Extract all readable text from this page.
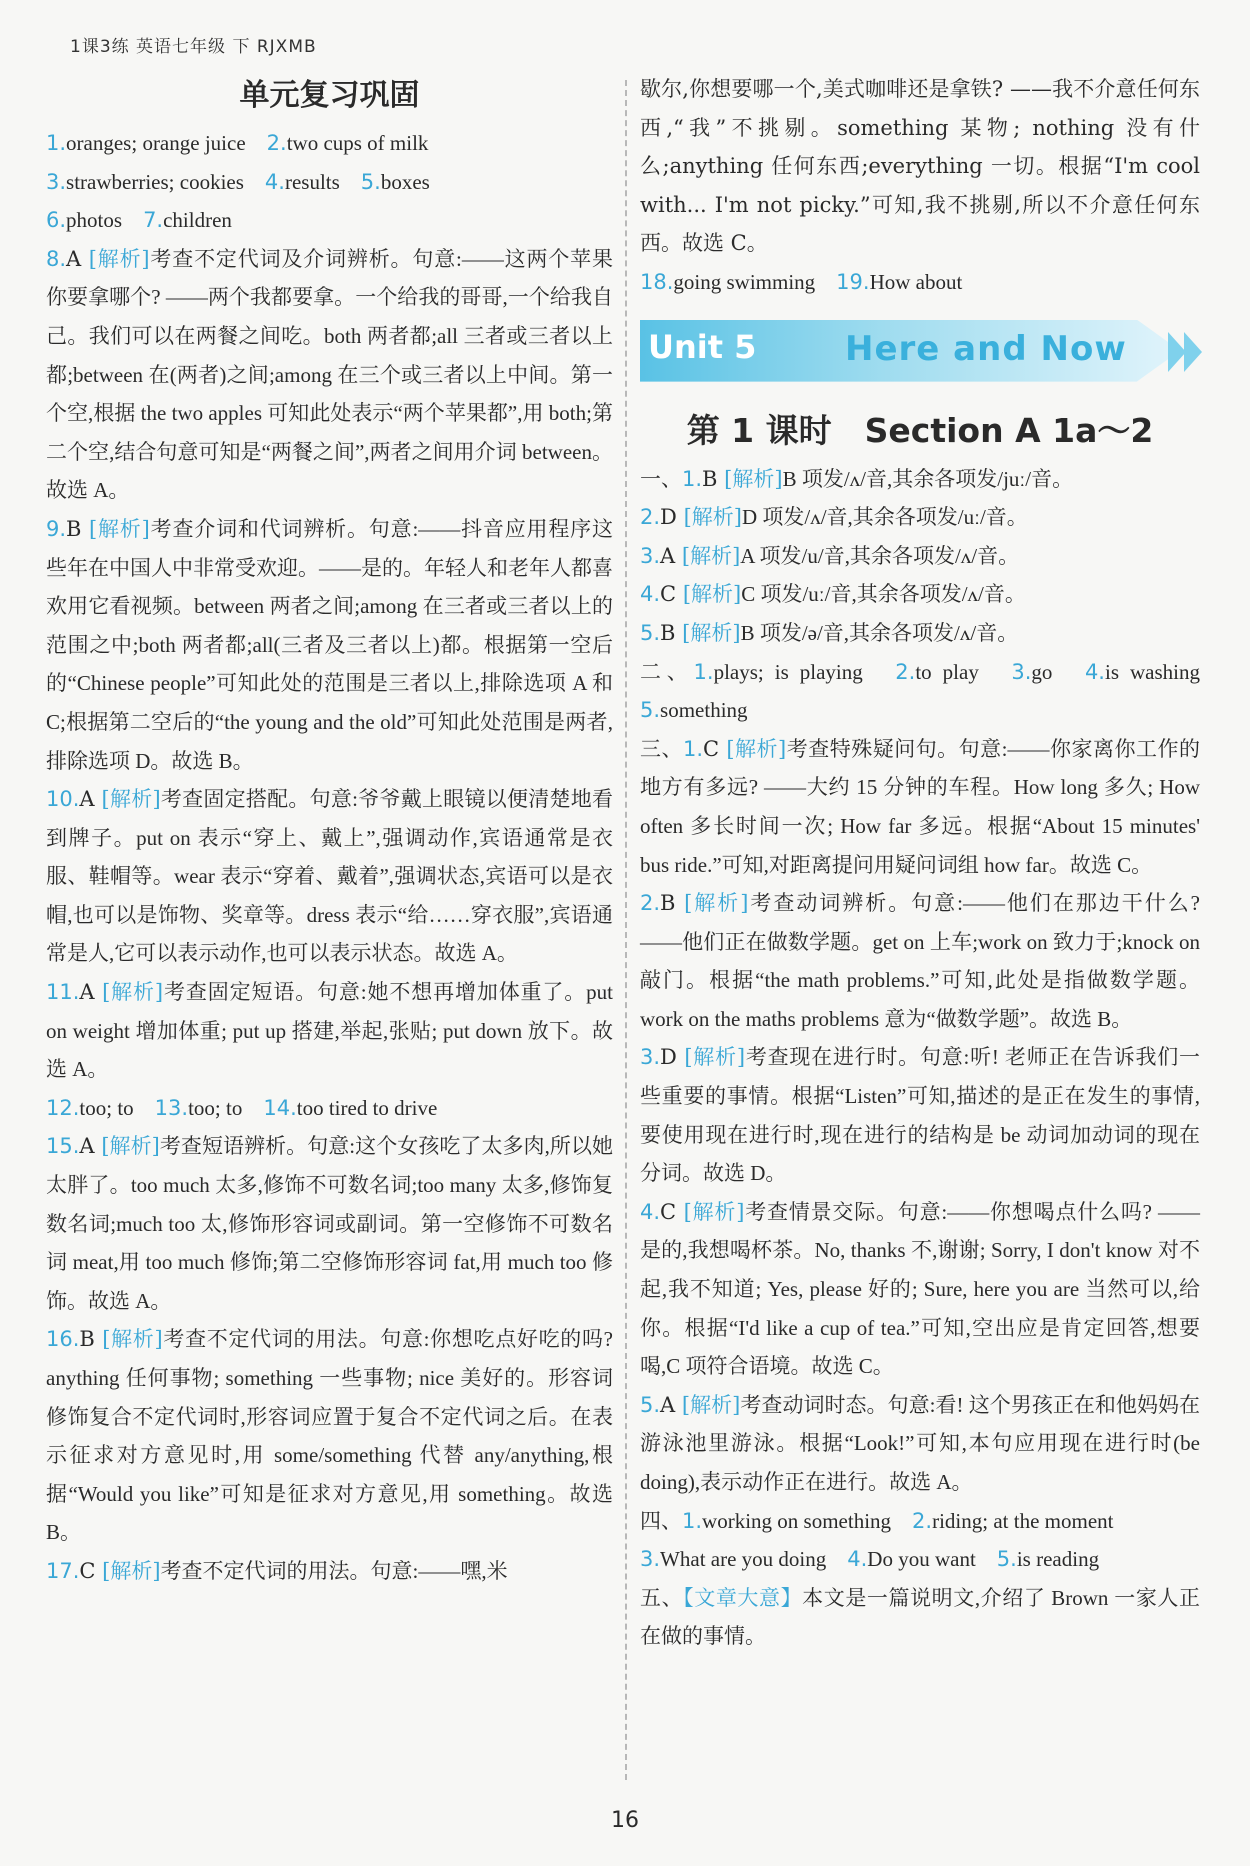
1课3练 英语七年级 下 RJXMB
单元复习巩固

1.oranges; orange juice　2.two cups of milk

3.strawberries; cookies　4.results　5.boxes

6.photos　7.children

8.A [解析]考查不定代词及介词辨析。句意:——这两个苹果你要拿哪个? ——两个我都要拿。一个给我的哥哥,一个给我自己。我们可以在两餐之间吃。both 两者都;all 三者或三者以上都;between 在(两者)之间;among 在三个或三者以上中间。第一个空,根据 the two apples 可知此处表示“两个苹果都”,用 both;第二个空,结合句意可知是“两餐之间”,两者之间用介词 between。故选 A。

9.B [解析]考查介词和代词辨析。句意:——抖音应用程序这些年在中国人中非常受欢迎。——是的。年轻人和老年人都喜欢用它看视频。between 两者之间;among 在三者或三者以上的范围之中;both 两者都;all(三者及三者以上)都。根据第一空后的“Chinese people”可知此处的范围是三者以上,排除选项 A 和 C;根据第二空后的“the young and the old”可知此处范围是两者,排除选项 D。故选 B。

10.A [解析]考查固定搭配。句意:爷爷戴上眼镜以便清楚地看到牌子。put on 表示“穿上、戴上”,强调动作,宾语通常是衣服、鞋帽等。wear 表示“穿着、戴着”,强调状态,宾语可以是衣帽,也可以是饰物、奖章等。dress 表示“给……穿衣服”,宾语通常是人,它可以表示动作,也可以表示状态。故选 A。

11.A [解析]考查固定短语。句意:她不想再增加体重了。put on weight 增加体重; put up 搭建,举起,张贴; put down 放下。故选 A。

12.too; to　13.too; to　14.too tired to drive

15.A [解析]考查短语辨析。句意:这个女孩吃了太多肉,所以她太胖了。too much 太多,修饰不可数名词;too many 太多,修饰复数名词;much too 太,修饰形容词或副词。第一空修饰不可数名词 meat,用 too much 修饰;第二空修饰形容词 fat,用 much too 修饰。故选 A。

16.B [解析]考查不定代词的用法。句意:你想吃点好吃的吗? anything 任何事物; something 一些事物; nice 美好的。形容词修饰复合不定代词时,形容词应置于复合不定代词之后。在表示征求对方意见时,用 some/something 代替 any/anything,根据“Would you like”可知是征求对方意见,用 something。故选 B。

17.C [解析]考查不定代词的用法。句意:——嘿,米

歇尔,你想要哪一个,美式咖啡还是拿铁? ——我不介意任何东西,“我”不挑剔。something 某物; nothing 没有什么;anything 任何东西;everything 一切。根据“I'm cool with... I'm not picky.”可知,我不挑剔,所以不介意任何东西。故选 C。

18.going swimming　19.How about

Unit 5	Here and Now
第 1 课时　Section A 1a～2

一、1.B [解析]B 项发/ʌ/音,其余各项发/juː/音。

2.D [解析]D 项发/ʌ/音,其余各项发/uː/音。

3.A [解析]A 项发/u/音,其余各项发/ʌ/音。

4.C [解析]C 项发/uː/音,其余各项发/ʌ/音。

5.B [解析]B 项发/ə/音,其余各项发/ʌ/音。

二、1.plays; is playing　2.to play　3.go　4.is washing　5.something

三、1.C [解析]考查特殊疑问句。句意:——你家离你工作的地方有多远? ——大约 15 分钟的车程。How long 多久; How often 多长时间一次; How far 多远。根据“About 15 minutes' bus ride.”可知,对距离提问用疑问词组 how far。故选 C。

2.B [解析]考查动词辨析。句意:——他们在那边干什么? ——他们正在做数学题。get on 上车;work on 致力于;knock on 敲门。根据“the math problems.”可知,此处是指做数学题。work on the maths problems 意为“做数学题”。故选 B。

3.D [解析]考查现在进行时。句意:听! 老师正在告诉我们一些重要的事情。根据“Listen”可知,描述的是正在发生的事情,要使用现在进行时,现在进行的结构是 be 动词加动词的现在分词。故选 D。

4.C [解析]考查情景交际。句意:——你想喝点什么吗? ——是的,我想喝杯茶。No, thanks 不,谢谢; Sorry, I don't know 对不起,我不知道; Yes, please 好的; Sure, here you are 当然可以,给你。根据“I'd like a cup of tea.”可知,空出应是肯定回答,想要喝,C 项符合语境。故选 C。

5.A [解析]考查动词时态。句意:看! 这个男孩正在和他妈妈在游泳池里游泳。根据“Look!”可知,本句应用现在进行时(be doing),表示动作正在进行。故选 A。

四、1.working on something　2.riding; at the moment

3.What are you doing　4.Do you want　5.is reading

五、【文章大意】本文是一篇说明文,介绍了 Brown 一家人正在做的事情。

16
